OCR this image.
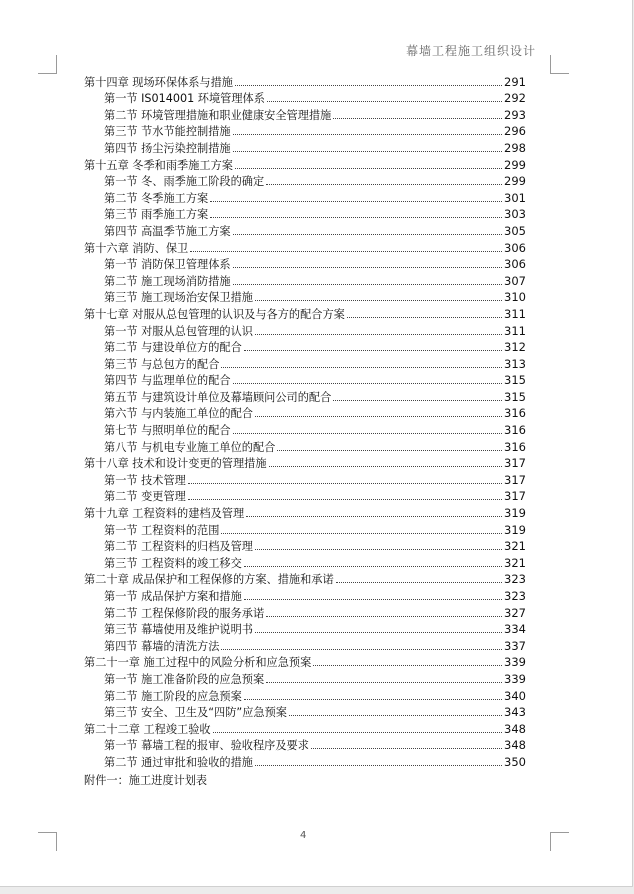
幕墙工程施工组织设计
第十四章 现场环保体系与措施	291
第一节 IS014001 环境管理体系	292
第二节 环境管理措施和职业健康安全管理措施	293
第三节 节水节能控制措施	296
第四节 扬尘污染控制措施	298
第十五章 冬季和雨季施工方案	299
第一节 冬、雨季施工阶段的确定	299
第二节 冬季施工方案	301
第三节 雨季施工方案	303
第四节 高温季节施工方案	305
第十六章 消防、保卫	306
第一节 消防保卫管理体系	306
第二节 施工现场消防措施	307
第三节 施工现场治安保卫措施	310
第十七章 对服从总包管理的认识及与各方的配合方案	311
第一节 对服从总包管理的认识	311
第二节 与建设单位方的配合	312
第三节 与总包方的配合	313
第四节 与监理单位的配合	315
第五节 与建筑设计单位及幕墙顾问公司的配合	315
第六节 与内装施工单位的配合	316
第七节 与照明单位的配合	316
第八节 与机电专业施工单位的配合	316
第十八章 技术和设计变更的管理措施	317
第一节 技术管理	317
第二节 变更管理	317
第十九章 工程资料的建档及管理	319
第一节 工程资料的范围	319
第二节 工程资料的归档及管理	321
第三节 工程资料的竣工移交	321
第二十章 成品保护和工程保修的方案、措施和承诺	323
第一节 成品保护方案和措施	323
第二节 工程保修阶段的服务承诺	327
第三节 幕墙使用及维护说明书	334
第四节 幕墙的清洗方法	337
第二十一章 施工过程中的风险分析和应急预案	339
第一节 施工准备阶段的应急预案	339
第二节 施工阶段的应急预案	340
第三节 安全、卫生及“四防”应急预案	343
第二十二章 工程竣工验收	348
第一节 幕墙工程的报审、验收程序及要求	348
第二节 通过审批和验收的措施	350
附件一：施工进度计划表
4
